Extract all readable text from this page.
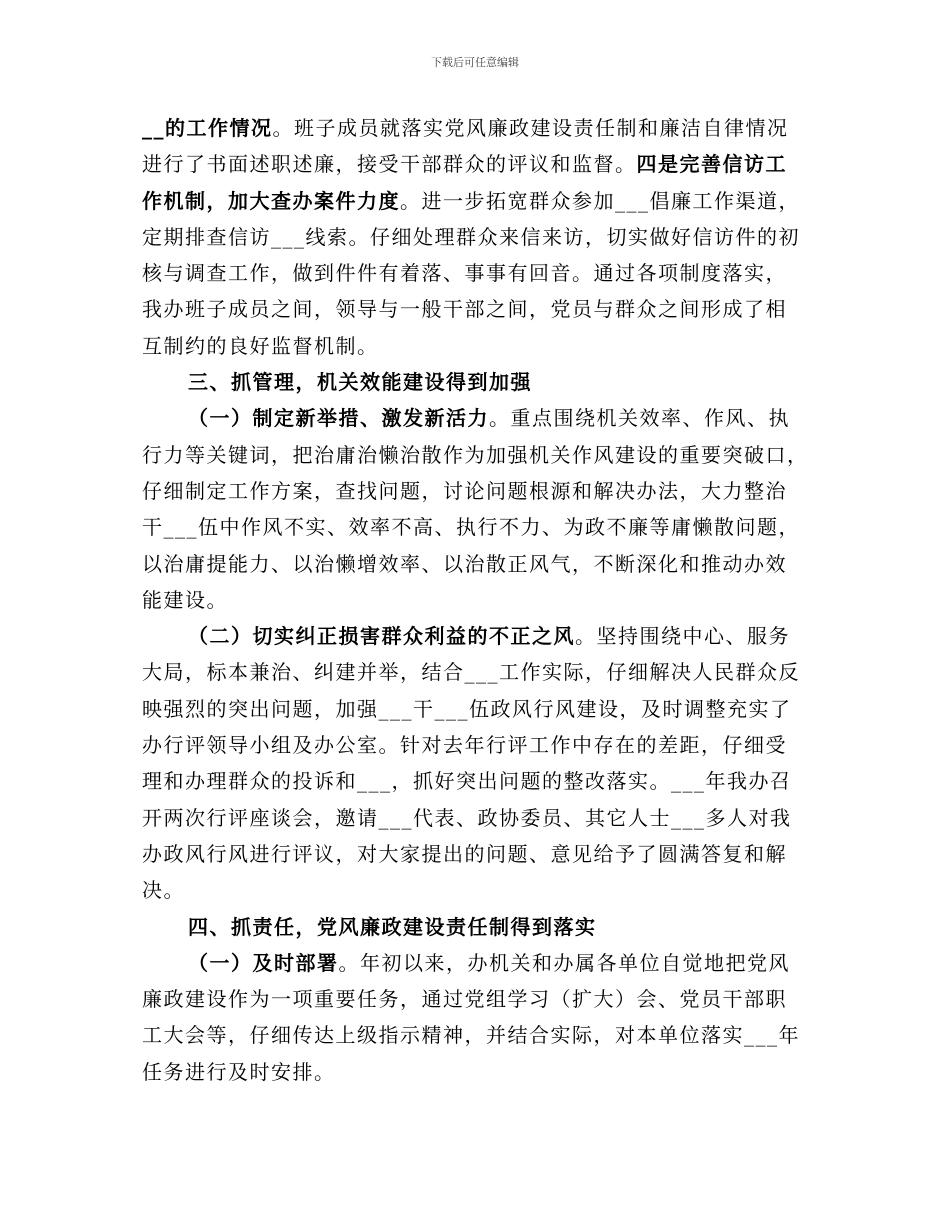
下载后可任意编辑
__的工作情况。班子成员就落实党风廉政建设责任制和廉洁自律情况
进行了书面述职述廉，接受干部群众的评议和监督。四是完善信访工
作机制，加大查办案件力度。进一步拓宽群众参加___倡廉工作渠道，
定期排查信访___线索。仔细处理群众来信来访，切实做好信访件的初
核与调查工作，做到件件有着落、事事有回音。通过各项制度落实，
我办班子成员之间，领导与一般干部之间，党员与群众之间形成了相
互制约的良好监督机制。
三、抓管理，机关效能建设得到加强
（一）制定新举措、激发新活力。重点围绕机关效率、作风、执
行力等关键词，把治庸治懒治散作为加强机关作风建设的重要突破口，
仔细制定工作方案，查找问题，讨论问题根源和解决办法，大力整治
干___伍中作风不实、效率不高、执行不力、为政不廉等庸懒散问题，
以治庸提能力、以治懒增效率、以治散正风气，不断深化和推动办效
能建设。
（二）切实纠正损害群众利益的不正之风。坚持围绕中心、服务
大局，标本兼治、纠建并举，结合___工作实际，仔细解决人民群众反
映强烈的突出问题，加强___干___伍政风行风建设，及时调整充实了
办行评领导小组及办公室。针对去年行评工作中存在的差距，仔细受
理和办理群众的投诉和___，抓好突出问题的整改落实。___年我办召
开两次行评座谈会，邀请___代表、政协委员、其它人士___多人对我
办政风行风进行评议，对大家提出的问题、意见给予了圆满答复和解
决。
四、抓责任，党风廉政建设责任制得到落实
（一）及时部署。年初以来，办机关和办属各单位自觉地把党风
廉政建设作为一项重要任务，通过党组学习（扩大）会、党员干部职
工大会等，仔细传达上级指示精神，并结合实际，对本单位落实___年
任务进行及时安排。
